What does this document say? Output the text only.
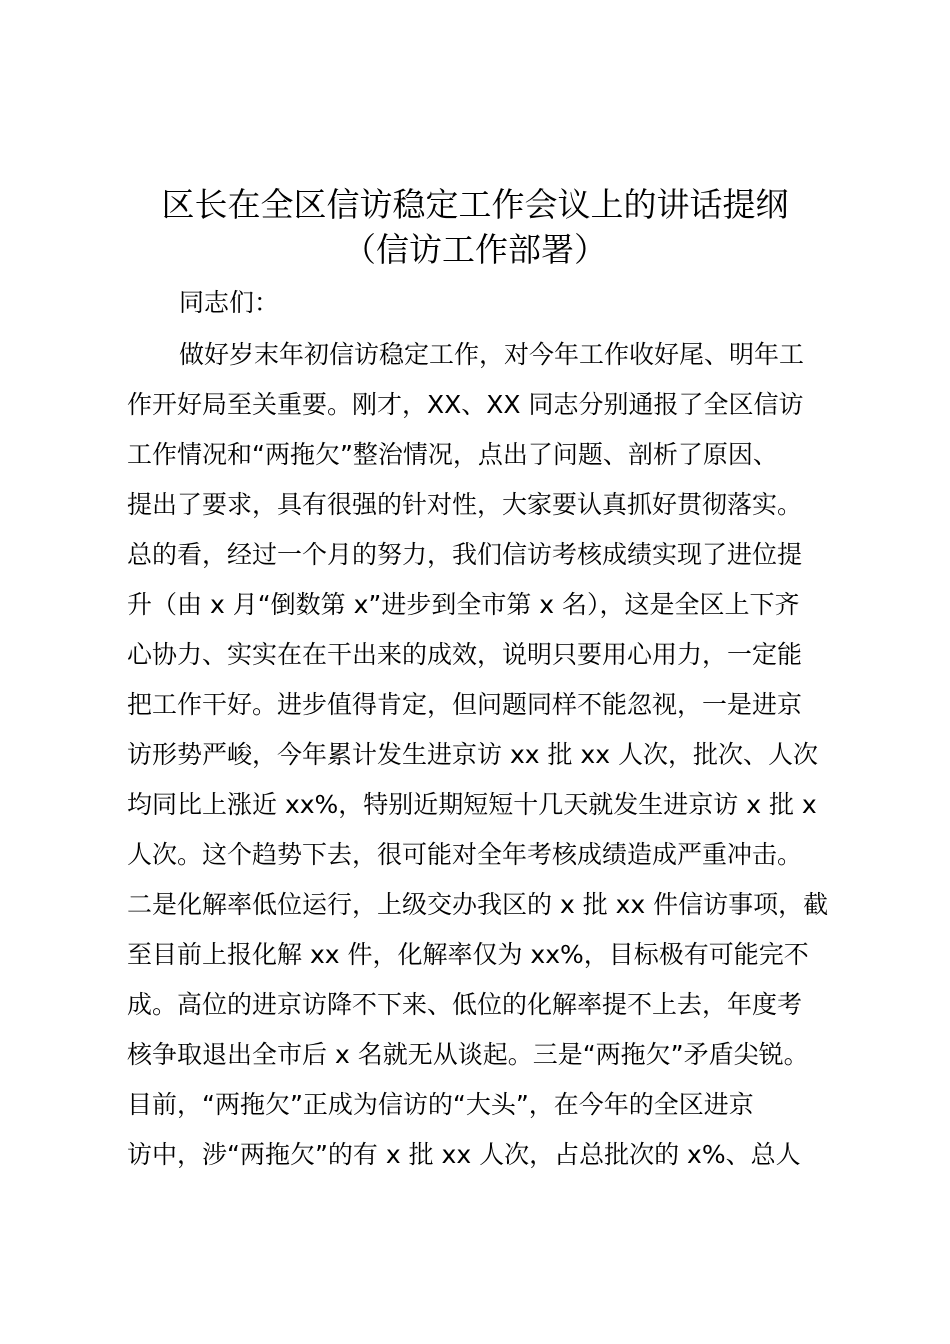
区长在全区信访稳定工作会议上的讲话提纲
（信访工作部署）

同志们：

做好岁末年初信访稳定工作，对今年工作收好尾、明年工

作开好局至关重要。刚才，XX、XX 同志分别通报了全区信访

工作情况和“两拖欠”整治情况，点出了问题、剖析了原因、

提出了要求，具有很强的针对性，大家要认真抓好贯彻落实。

总的看，经过一个月的努力，我们信访考核成绩实现了进位提

升（由 x 月“倒数第 x”进步到全市第 x 名），这是全区上下齐

心协力、实实在在干出来的成效，说明只要用心用力，一定能

把工作干好。进步值得肯定，但问题同样不能忽视，一是进京

访形势严峻，今年累计发生进京访 xx 批 xx 人次，批次、人次

均同比上涨近 xx%，特别近期短短十几天就发生进京访 x 批 x

人次。这个趋势下去，很可能对全年考核成绩造成严重冲击。

二是化解率低位运行，上级交办我区的 x 批 xx 件信访事项，截

至目前上报化解 xx 件，化解率仅为 xx%，目标极有可能完不

成。高位的进京访降不下来、低位的化解率提不上去，年度考

核争取退出全市后 x 名就无从谈起。三是“两拖欠”矛盾尖锐。

目前，“两拖欠”正成为信访的“大头”，在今年的全区进京

访中，涉“两拖欠”的有 x 批 xx 人次，占总批次的 x%、总人
